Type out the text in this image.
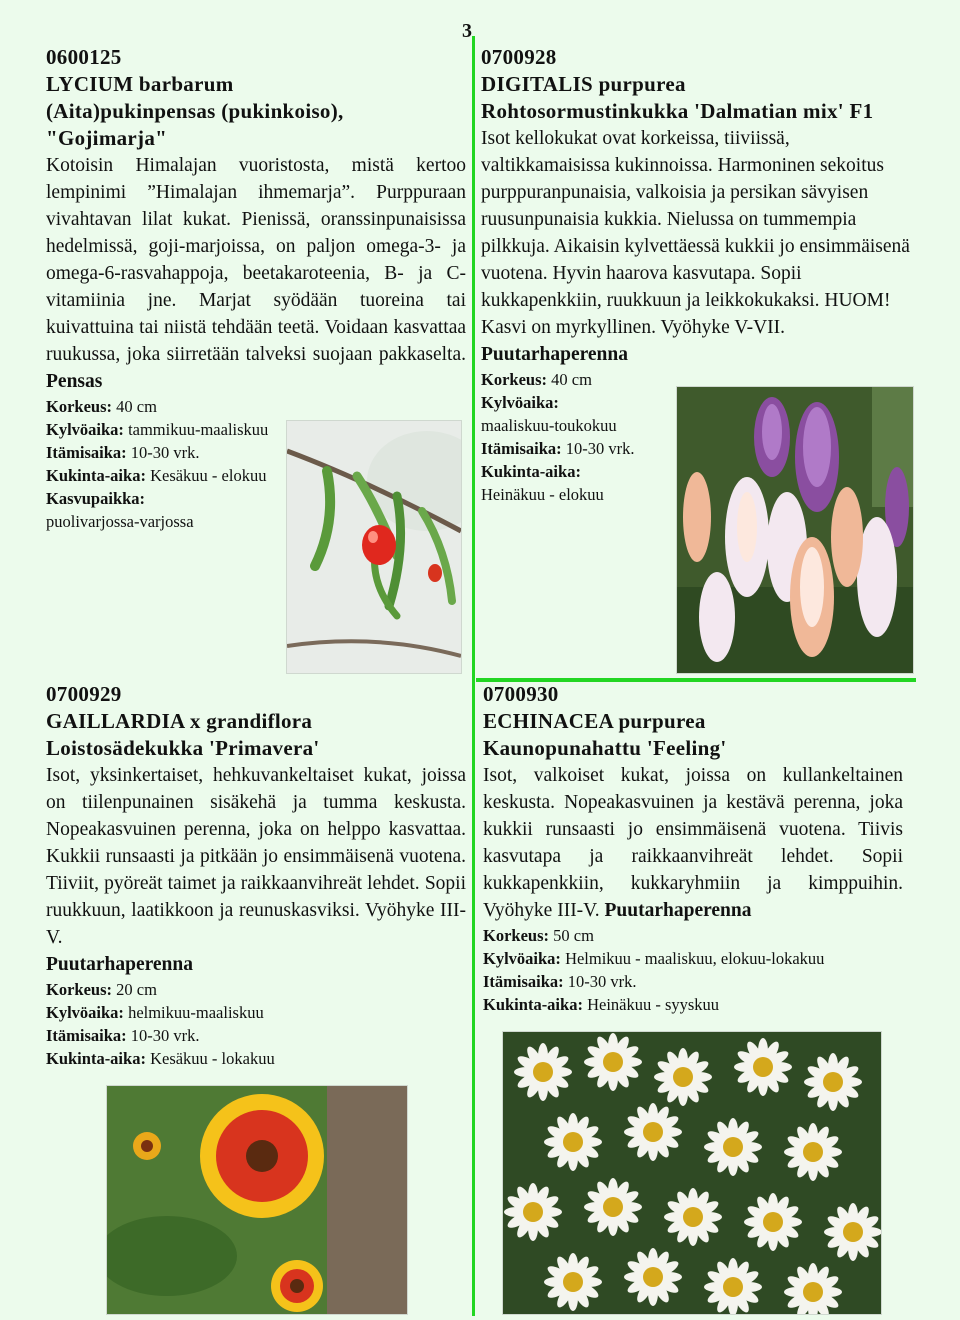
3

0600125

LYCIUM barbarum

(Aita)pukinpensas (pukinkoiso), "Gojimarja"

Kotoisin Himalajan vuoristosta, mistä kertoo lempinimi ”Himalajan ihmemarja”. Purppuraan vivahtavan lilat kukat. Pienissä, oranssinpunaisissa hedelmissä, goji-marjoissa, on paljon omega-3- ja omega-6-rasvahappoja, beetakaroteenia, B- ja C-vitamiinia jne. Marjat syödään tuoreina tai kuivattuina tai niistä tehdään teetä. Voidaan kasvattaa ruukussa, joka siirretään talveksi suojaan pakkaselta. Pensas

Korkeus: 40 cm
Kylvöaika: tammikuu-maaliskuu
Itämisaika: 10-30 vrk.
Kukinta-aika: Kesäkuu - elokuu
Kasvupaikka:
puolivarjossa-varjossa

0700928

DIGITALIS purpurea

Rohtosormustinkukka 'Dalmatian mix' F1

Isot kellokukat ovat korkeissa, tiiviissä, valtikkamaisissa kukinnoissa. Harmoninen sekoitus purppuranpunaisia, valkoisia ja persikan sävyisen ruusunpunaisia kukkia. Nielussa on tummempia pilkkuja. Aikaisin kylvettäessä kukkii jo ensimmäisenä vuotena. Hyvin haarova kasvutapa. Sopii kukkapenkkiin, ruukkuun ja leikkokukaksi. HUOM! Kasvi on myrkyllinen. Vyöhyke V-VII.

Puutarhaperenna

Korkeus: 40 cm
Kylvöaika:
maaliskuu-toukokuu
Itämisaika: 10-30 vrk.
Kukinta-aika:
Heinäkuu - elokuu

0700929

GAILLARDIA x grandiflora

Loistosädekukka 'Primavera'

Isot, yksinkertaiset, hehkuvankeltaiset kukat, joissa on tiilenpunainen sisäkehä ja tumma keskusta. Nopeakasvuinen perenna, joka on helppo kasvattaa. Kukkii runsaasti ja pitkään jo ensimmäisenä vuotena. Tiiviit, pyöreät taimet ja raikkaanvihreät lehdet. Sopii ruukkuun, laatikkoon ja reunuskasviksi. Vyöhyke III-V.

Puutarhaperenna

Korkeus: 20 cm
Kylvöaika: helmikuu-maaliskuu
Itämisaika: 10-30 vrk.
Kukinta-aika: Kesäkuu - lokakuu

0700930

ECHINACEA purpurea

Kaunopunahattu 'Feeling'

Isot, valkoiset kukat, joissa on kullankeltainen keskusta. Nopeakasvuinen ja kestävä perenna, joka kukkii runsaasti jo ensimmäisenä vuotena. Tiivis kasvutapa ja raikkaanvihreät lehdet. Sopii kukkapenkkiin, kukkaryhmiin ja kimppuihin. Vyöhyke III-V. Puutarhaperenna

Korkeus: 50 cm
Kylvöaika: Helmikuu - maaliskuu, elokuu-lokakuu
Itämisaika: 10-30 vrk.
Kukinta-aika: Heinäkuu - syyskuu
